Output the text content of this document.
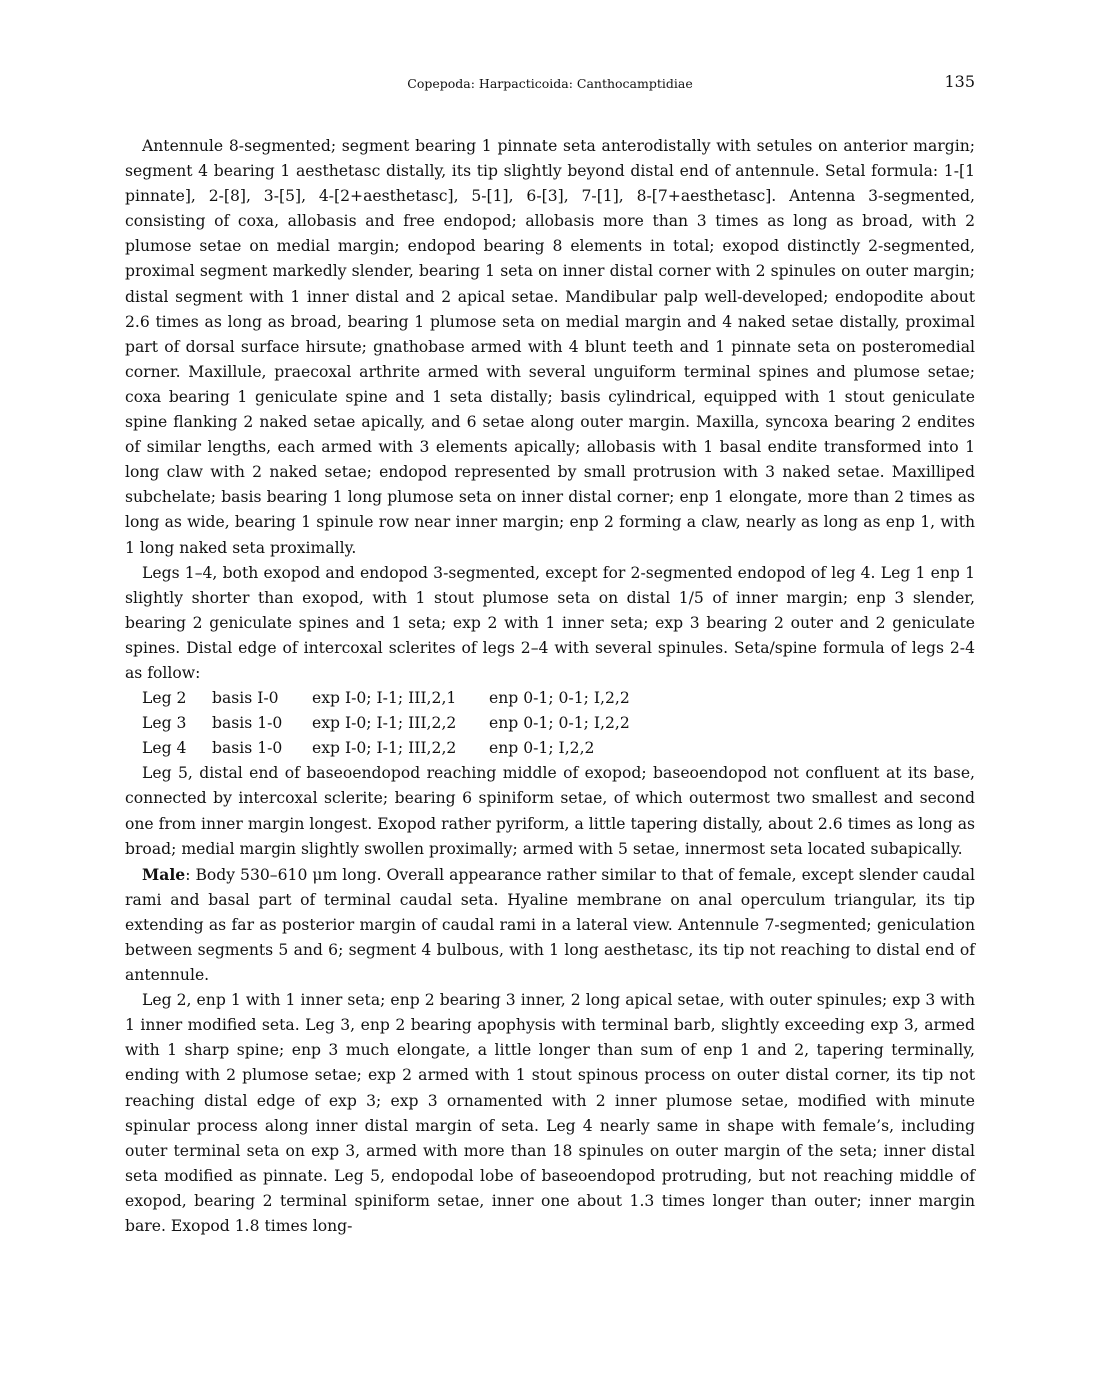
Copepoda: Harpacticoida: Canthocamptidiae	135

Antennule 8-segmented; segment bearing 1 pinnate seta anterodistally with setules on anterior margin; segment 4 bearing 1 aesthetasc distally, its tip slightly beyond distal end of antennule. Setal formula: 1-[1 pinnate], 2-[8], 3-[5], 4-[2+aesthetasc], 5-[1], 6-[3], 7-[1], 8-[7+aesthetasc]. Antenna 3-segmented, consisting of coxa, allobasis and free endopod; allobasis more than 3 times as long as broad, with 2 plumose setae on medial margin; endopod bearing 8 elements in total; exopod distinctly 2-segmented, proximal segment markedly slender, bearing 1 seta on inner distal corner with 2 spinules on outer margin; distal segment with 1 inner distal and 2 apical setae. Mandibular palp well-developed; endopodite about 2.6 times as long as broad, bearing 1 plumose seta on medial margin and 4 naked setae distally, proximal part of dorsal surface hirsute; gnathobase armed with 4 blunt teeth and 1 pinnate seta on posteromedial corner. Maxillule, praecoxal arthrite armed with several unguiform terminal spines and plumose setae; coxa bearing 1 geniculate spine and 1 seta distally; basis cylindrical, equipped with 1 stout geniculate spine flanking 2 naked setae apically, and 6 setae along outer margin. Maxilla, syncoxa bearing 2 endites of similar lengths, each armed with 3 elements apically; allobasis with 1 basal endite transformed into 1 long claw with 2 naked setae; endopod represented by small protrusion with 3 naked setae. Maxilliped subchelate; basis bearing 1 long plumose seta on inner distal corner; enp 1 elongate, more than 2 times as long as wide, bearing 1 spinule row near inner margin; enp 2 forming a claw, nearly as long as enp 1, with 1 long naked seta proximally.

Legs 1–4, both exopod and endopod 3-segmented, except for 2-segmented endopod of leg 4. Leg 1 enp 1 slightly shorter than exopod, with 1 stout plumose seta on distal 1/5 of inner margin; enp 3 slender, bearing 2 geniculate spines and 1 seta; exp 2 with 1 inner seta; exp 3 bearing 2 outer and 2 geniculate spines. Distal edge of intercoxal sclerites of legs 2–4 with several spinules. Seta/spine formula of legs 2-4 as follow:

Leg 2	basis I-0	exp I-0; I-1; III,2,1	enp 0-1; 0-1; I,2,2
Leg 3	basis 1-0	exp I-0; I-1; III,2,2	enp 0-1; 0-1; I,2,2
Leg 4	basis 1-0	exp I-0; I-1; III,2,2	enp 0-1; I,2,2

Leg 5, distal end of baseoendopod reaching middle of exopod; baseoendopod not confluent at its base, connected by intercoxal sclerite; bearing 6 spiniform setae, of which outermost two smallest and second one from inner margin longest. Exopod rather pyriform, a little tapering distally, about 2.6 times as long as broad; medial margin slightly swollen proximally; armed with 5 setae, innermost seta located subapically.

Male: Body 530–610 μm long. Overall appearance rather similar to that of female, except slender caudal rami and basal part of terminal caudal seta. Hyaline membrane on anal operculum triangular, its tip extending as far as posterior margin of caudal rami in a lateral view. Antennule 7-segmented; geniculation between segments 5 and 6; segment 4 bulbous, with 1 long aesthetasc, its tip not reaching to distal end of antennule.

Leg 2, enp 1 with 1 inner seta; enp 2 bearing 3 inner, 2 long apical setae, with outer spinules; exp 3 with 1 inner modified seta. Leg 3, enp 2 bearing apophysis with terminal barb, slightly exceeding exp 3, armed with 1 sharp spine; enp 3 much elongate, a little longer than sum of enp 1 and 2, tapering terminally, ending with 2 plumose setae; exp 2 armed with 1 stout spinous process on outer distal corner, its tip not reaching distal edge of exp 3; exp 3 ornamented with 2 inner plumose setae, modified with minute spinular process along inner distal margin of seta. Leg 4 nearly same in shape with female’s, including outer terminal seta on exp 3, armed with more than 18 spinules on outer margin of the seta; inner distal seta modified as pinnate. Leg 5, endopodal lobe of baseoendopod protruding, but not reaching middle of exopod, bearing 2 terminal spiniform setae, inner one about 1.3 times longer than outer; inner margin bare. Exopod 1.8 times long-
